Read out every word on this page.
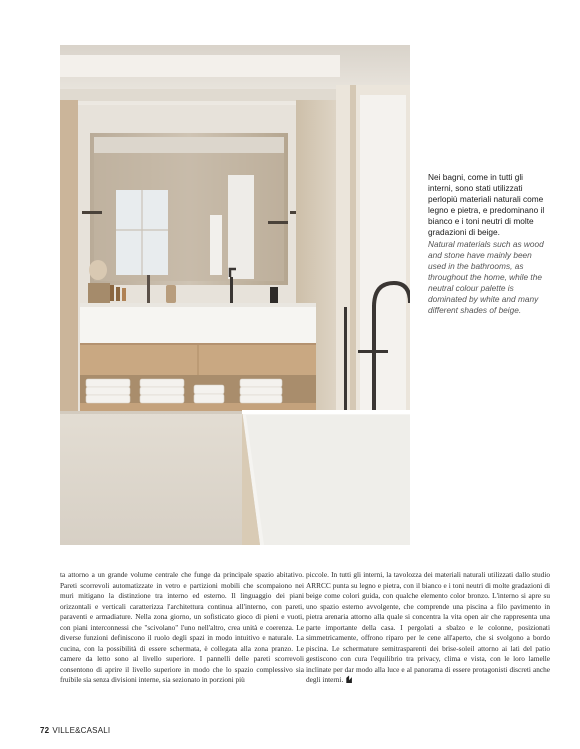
Nei bagni, come in tutti gli interni, sono stati utilizzati perlopiù materiali naturali come legno e pietra, e predominano il bianco e i toni neutri di molte gradazioni di beige.
Natural materials such as wood and stone have mainly been used in the bathrooms, as throughout the home, while the neutral colour palette is dominated by white and many different shades of beige.
ta attorno a un grande volume centrale che funge da principale spazio abitativo. Pareti scorrevoli automatizzate in vetro e partizioni mobili che scompaiono nei muri mitigano la distinzione tra interno ed esterno. Il linguaggio dei piani orizzontali e verticali caratterizza l'architettura continua all'interno, con pareti, paraventi e armadiature. Nella zona giorno, un sofisticato gioco di pieni e vuoti, con piani interconnessi che "scivolano" l'uno nell'altro, crea unità e coerenza. Le diverse funzioni definiscono il ruolo degli spazi in modo intuitivo e naturale. La cucina, con la possibilità di essere schermata, è collegata alla zona pranzo. Le camere da letto sono al livello superiore. I pannelli delle pareti scorrevoli consentono di aprire il livello superiore in modo che lo spazio complessivo sia fruibile sia senza divisioni interne, sia sezionato in porzioni più
piccole. In tutti gli interni, la tavolozza dei materiali naturali utilizzati dallo studio ARRCC punta su legno e pietra, con il bianco e i toni neutri di molte gradazioni di beige come colori guida, con qualche elemento color bronzo. L'interno si apre su uno spazio esterno avvolgente, che comprende una piscina a filo pavimento in pietra arenaria attorno alla quale si concentra la vita open air che rappresenta una parte importante della casa. I pergolati a sbalzo e le colonne, posizionati simmetricamente, offrono riparo per le cene all'aperto, che si svolgono a bordo piscina. Le schermature semitrasparenti dei brise-soleil attorno ai lati del patio gestiscono con cura l'equilibrio tra privacy, clima e vista, con le loro lamelle inclinate per dar modo alla luce e al panorama di essere protagonisti discreti anche degli interni.
72 VILLE&CASALI
